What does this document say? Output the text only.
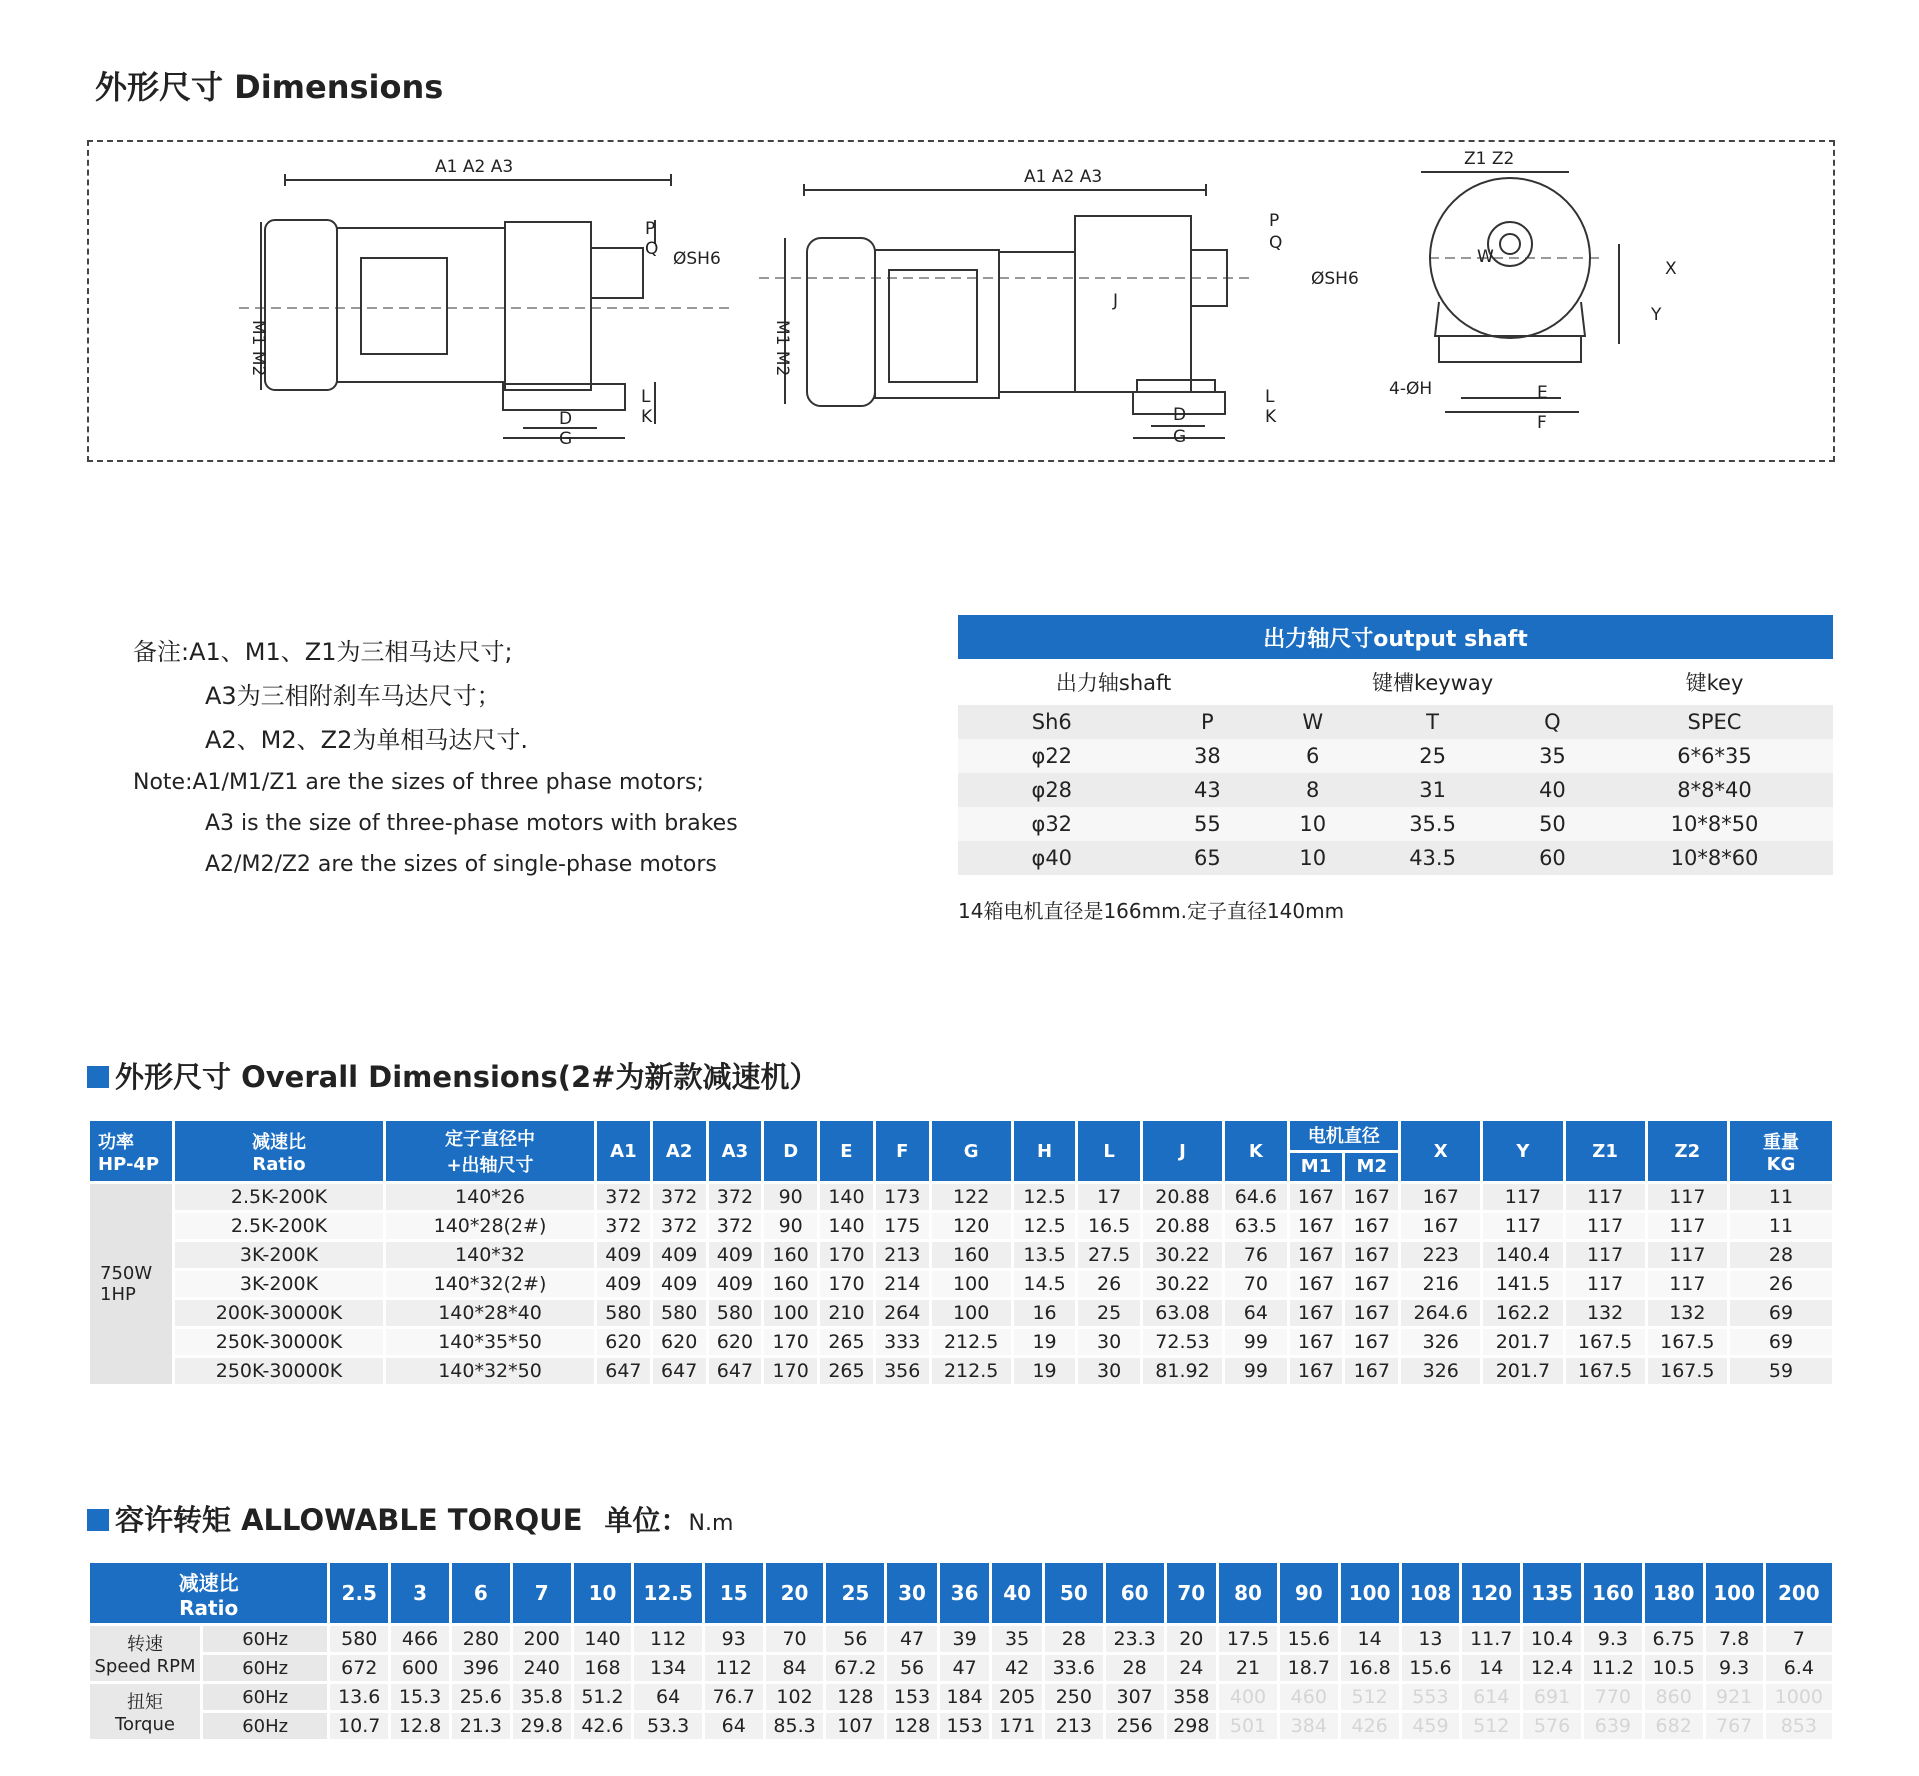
外形尺寸 Dimensions
A1 A2 A3	A1 A2 A3
Z1 Z2
M1 M2	M1 M2
P
Q ØSH6
P
Q
ØSH6
J
D
G
D
G
L
K
L
K
W
X
Y
E
F
4-ØH
备注:A1、M1、Z1为三相马达尺寸;
A3为三相附刹车马达尺寸；
A2、M2、Z2为单相马达尺寸.
Note:A1/M1/Z1 are the sizes of three phase motors;
A3 is the size of three-phase motors with brakes
A2/M2/Z2 are the sizes of single-phase motors
出力轴尺寸output shaft					
出力轴shaft		键槽keyway			键key
Sh6	P	W	T	Q	SPEC
φ22	38	6	25	35	6*6*35
φ28	43	8	31	40	8*8*40
φ32	55	10	35.5	50	10*8*50
φ40	65	10	43.5	60	10*8*60
14箱电机直径是166mm.定子直径140mm
外形尺寸 Overall Dimensions(2#为新款减速机）
功率
HP-4P	减速比
Ratio	定子直径中
+出轴尺寸	A1	A2	A3	D	E	F	G	H	L	J	K	电机直径		X	Y	Z1	Z2	重量
KG
														M1	M2					
750W
1HP	2.5K-200K	140*26	372	372	372	90	140	173	122	12.5	17	20.88	64.6	167	167	167	117	117	117	11
	2.5K-200K	140*28(2#)	372	372	372	90	140	175	120	12.5	16.5	20.88	63.5	167	167	167	117	117	117	11
	3K-200K	140*32	409	409	409	160	170	213	160	13.5	27.5	30.22	76	167	167	223	140.4	117	117	28
	3K-200K	140*32(2#)	409	409	409	160	170	214	100	14.5	26	30.22	70	167	167	216	141.5	117	117	26
	200K-30000K	140*28*40	580	580	580	100	210	264	100	16	25	63.08	64	167	167	264.6	162.2	132	132	69
	250K-30000K	140*35*50	620	620	620	170	265	333	212.5	19	30	72.53	99	167	167	326	201.7	167.5	167.5	69
	250K-30000K	140*32*50	647	647	647	170	265	356	212.5	19	30	81.92	99	167	167	326	201.7	167.5	167.5	59
容许转矩 ALLOWABLE TORQUE 单位：N.m
减速比
Ratio		2.5	3	6	7	10	12.5	15	20	25	30	36	40	50	60	70	80	90	100	108	120	135	160	180	100	200
转速
Speed RPM	60Hz	580	466	280	200	140	112	93	70	56	47	39	35	28	23.3	20	17.5	15.6	14	13	11.7	10.4	9.3	6.75	7.8	7
	60Hz	672	600	396	240	168	134	112	84	67.2	56	47	42	33.6	28	24	21	18.7	16.8	15.6	14	12.4	11.2	10.5	9.3	6.4
扭矩
Torque	60Hz	13.6	15.3	25.6	35.8	51.2	64	76.7	102	128	153	184	205	250	307	358	400	460	512	553	614	691	770	860	921	1000
	60Hz	10.7	12.8	21.3	29.8	42.6	53.3	64	85.3	107	128	153	171	213	256	298	501	384	426	459	512	576	639	682	767	853
